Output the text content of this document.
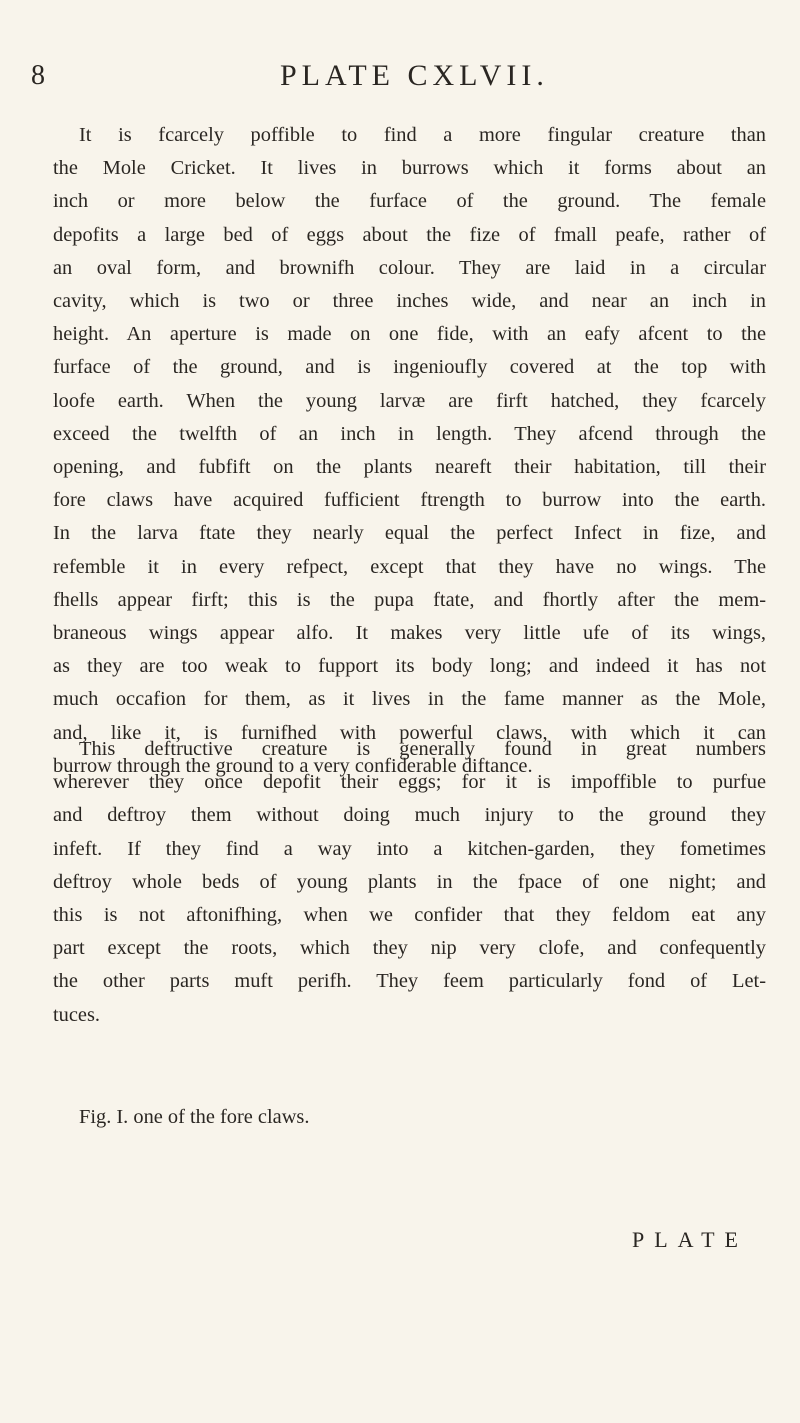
8	PLATE CXLVII.
It is fcarcely poffible to find a more fingular creature than
the Mole Cricket. It lives in burrows which it forms about an
inch or more below the furface of the ground. The female
depofits a large bed of eggs about the fize of fmall peafe, rather of
an oval form, and brownifh colour. They are laid in a circular
cavity, which is two or three inches wide, and near an inch in
height. An aperture is made on one fide, with an eafy afcent to the
furface of the ground, and is ingenioufly covered at the top with
loofe earth. When the young larvæ are firft hatched, they fcarcely
exceed the twelfth of an inch in length. They afcend through the
opening, and fubfift on the plants neareft their habitation, till their
fore claws have acquired fufficient ftrength to burrow into the earth.
In the larva ftate they nearly equal the perfect Infect in fize, and
refemble it in every refpect, except that they have no wings. The
fhells appear firft; this is the pupa ftate, and fhortly after the mem-
braneous wings appear alfo. It makes very little ufe of its wings,
as they are too weak to fupport its body long; and indeed it has not
much occafion for them, as it lives in the fame manner as the Mole,
and, like it, is furnifhed with powerful claws, with which it can
burrow through the ground to a very confiderable diftance.
This deftructive creature is generally found in great numbers
wherever they once depofit their eggs; for it is impoffible to purfue
and deftroy them without doing much injury to the ground they
infeft. If they find a way into a kitchen-garden, they fometimes
deftroy whole beds of young plants in the fpace of one night; and
this is not aftonifhing, when we confider that they feldom eat any
part except the roots, which they nip very clofe, and confequently
the other parts muft perifh. They feem particularly fond of Let-
tuces.
Fig. I. one of the fore claws.
PLATE
